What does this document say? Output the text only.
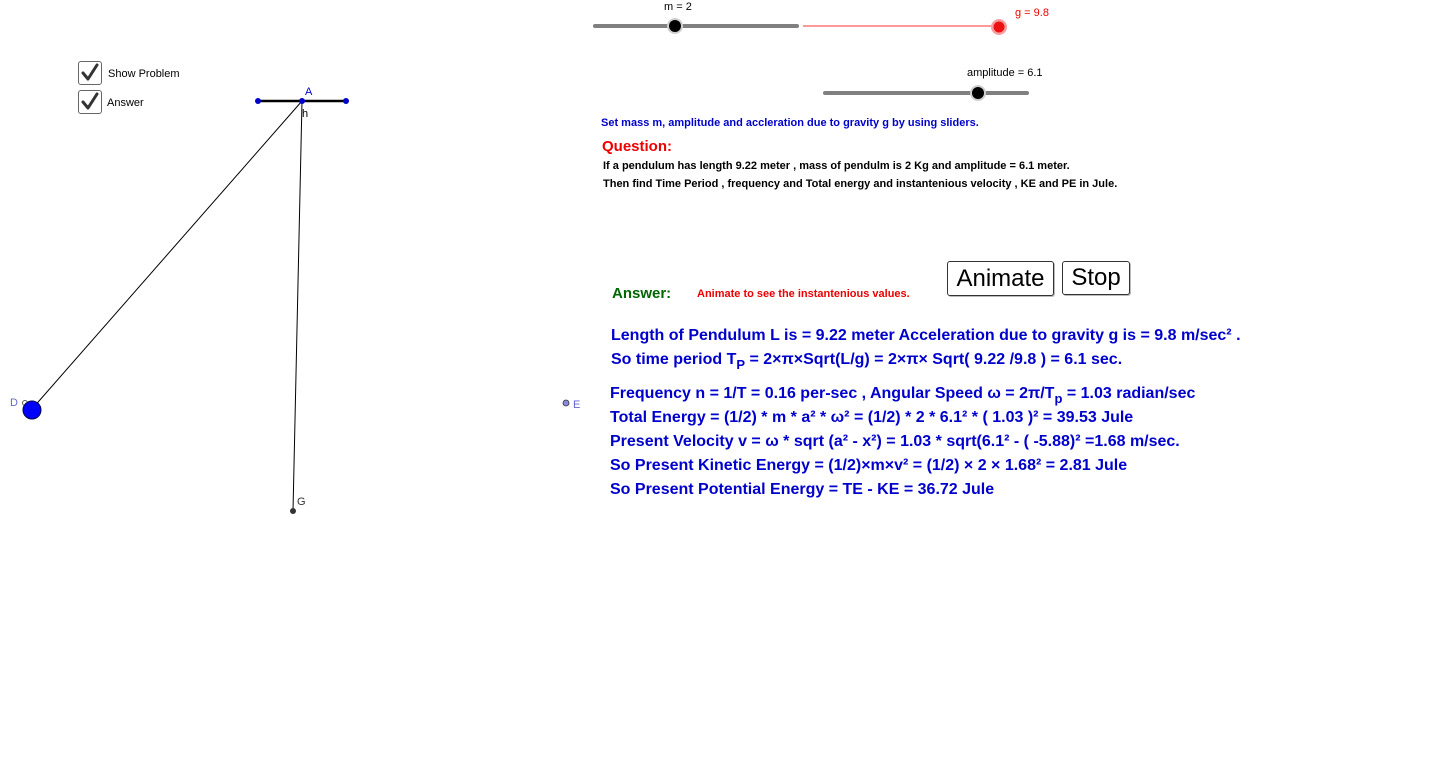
m = 2	g = 9.8
amplitude = 6.1
Show Problem
Answer
A
h
D	E
G
Set mass m, amplitude and accleration due to gravity g by using sliders.
Question:
If a pendulum has length 9.22 meter , mass of pendulm is 2 Kg and amplitude = 6.1 meter.
Then find Time Period , frequency and Total energy and instantenious velocity , KE and PE in Jule.
Answer: Animate to see the instantenious values.
Animate	Stop
Length of Pendulum L is = 9.22 meter Acceleration due to gravity g is = 9.8 m/sec² .
So time period $T_P$ = 2×π×Sqrt(L/g) = 2×π× Sqrt( 9.22 /9.8 ) = 6.1 sec.
Frequency n = 1/T = 0.16 per-sec , Angular Speed $\omega = 2\pi/T_p = 1.03$ radian/sec
Total Energy = (1/2) * m * a² * ω² = (1/2) * 2 * 6.1² * ( 1.03 )² = 39.53 Jule
Present Velocity v = ω * sqrt (a² - x²) = 1.03 * sqrt(6.1² - ( -5.88)² =1.68 m/sec.
So Present Kinetic Energy = (1/2)×m×v² = (1/2) × 2 × 1.68² = 2.81 Jule
So Present Potential Energy = TE - KE = 36.72 Jule
